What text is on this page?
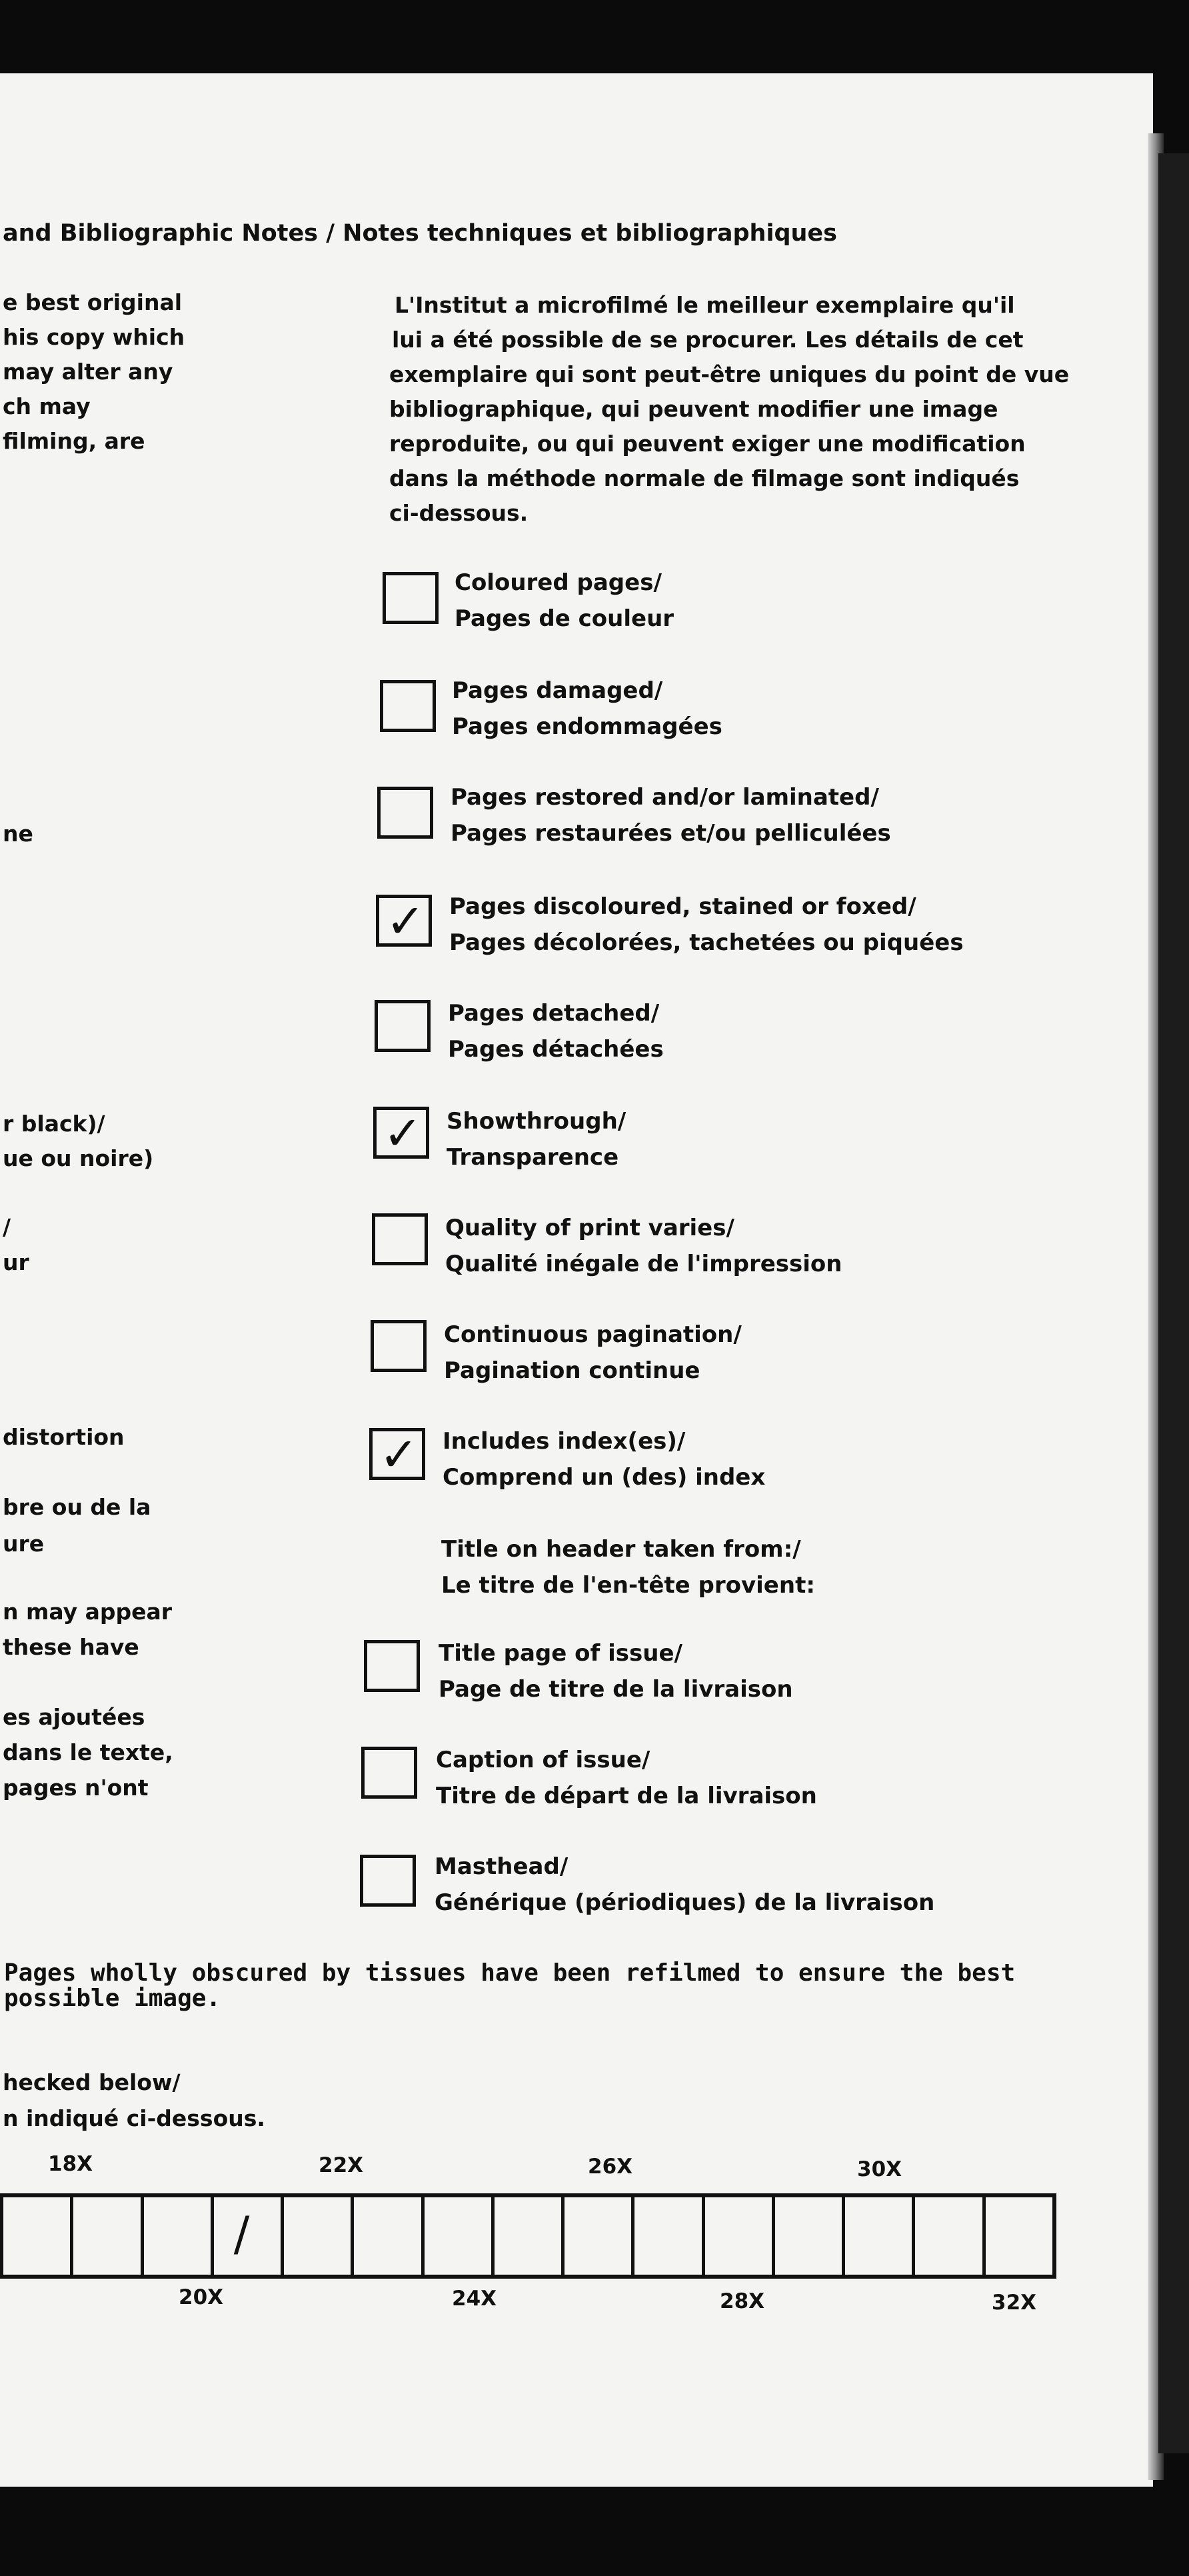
and Bibliographic Notes / Notes techniques et bibliographiques
e best original
his copy which
may alter any
ch may
filming, are
ne
r black)/
ue ou noire)
/
ur
distortion
bre ou de la
ure
n may appear
these have
es ajoutées
dans le texte,
pages n'ont
L'Institut a microfilmé le meilleur exemplaire qu'il
lui a été possible de se procurer. Les détails de cet
exemplaire qui sont peut-être uniques du point de vue
bibliographique, qui peuvent modifier une image
reproduite, ou qui peuvent exiger une modification
dans la méthode normale de filmage sont indiqués
ci-dessous.
Coloured pages/
Pages de couleur
Pages damaged/
Pages endommagées
Pages restored and/or laminated/
Pages restaurées et/ou pelliculées
✓ Pages discoloured, stained or foxed/
Pages décolorées, tachetées ou piquées
Pages detached/
Pages détachées
✓ Showthrough/
Transparence
Quality of print varies/
Qualité inégale de l'impression
Continuous pagination/
Pagination continue
✓ Includes index(es)/
Comprend un (des) index
Title on header taken from:/
Le titre de l'en-tête provient:
Title page of issue/
Page de titre de la livraison
Caption of issue/
Titre de départ de la livraison
Masthead/
Générique (périodiques) de la livraison
Pages wholly obscured by tissues have been refilmed to ensure the best
possible image.
hecked below/
n indiqué ci-dessous.
18X	22X	26X	30X
/
20X	24X	28X	32X
